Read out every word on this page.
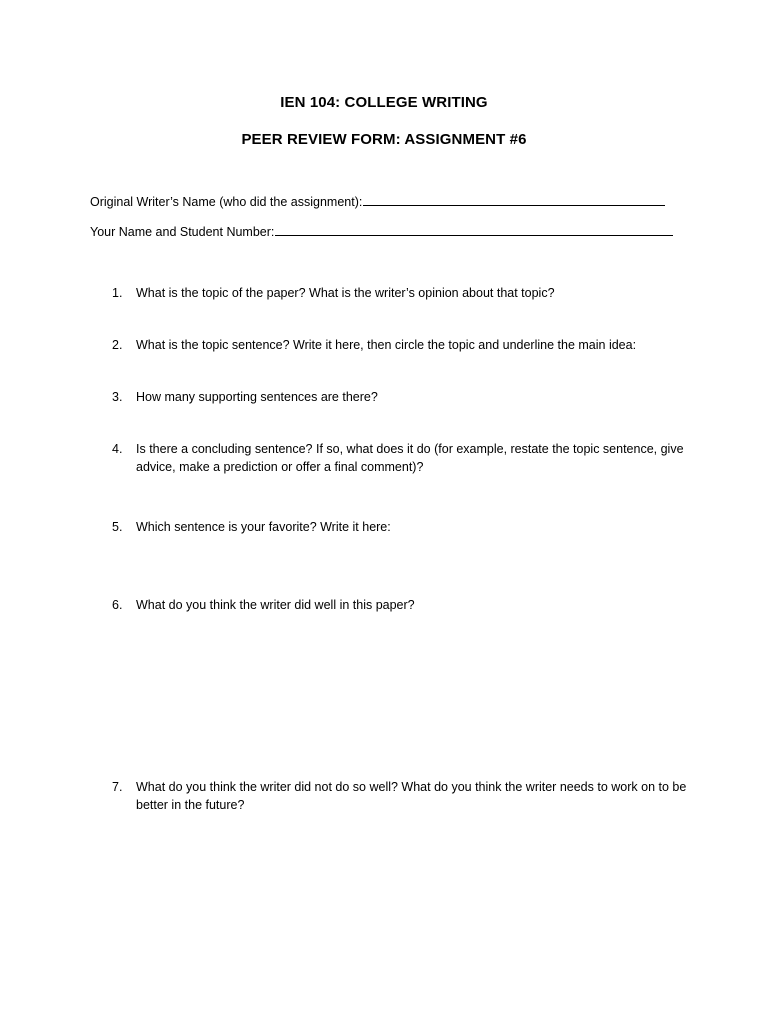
IEN 104: COLLEGE WRITING
PEER REVIEW FORM: ASSIGNMENT #6
Original Writer’s Name (who did the assignment):
Your Name and Student Number:
1.	What is the topic of the paper? What is the writer’s opinion about that topic?
2.	What is the topic sentence? Write it here, then circle the topic and underline the main idea:
3.	How many supporting sentences are there?
4.	Is there a concluding sentence? If so, what does it do (for example, restate the topic sentence, give advice, make a prediction or offer a final comment)?
5.	Which sentence is your favorite? Write it here:
6.	What do you think the writer did well in this paper?
7.	What do you think the writer did not do so well? What do you think the writer needs to work on to be better in the future?
